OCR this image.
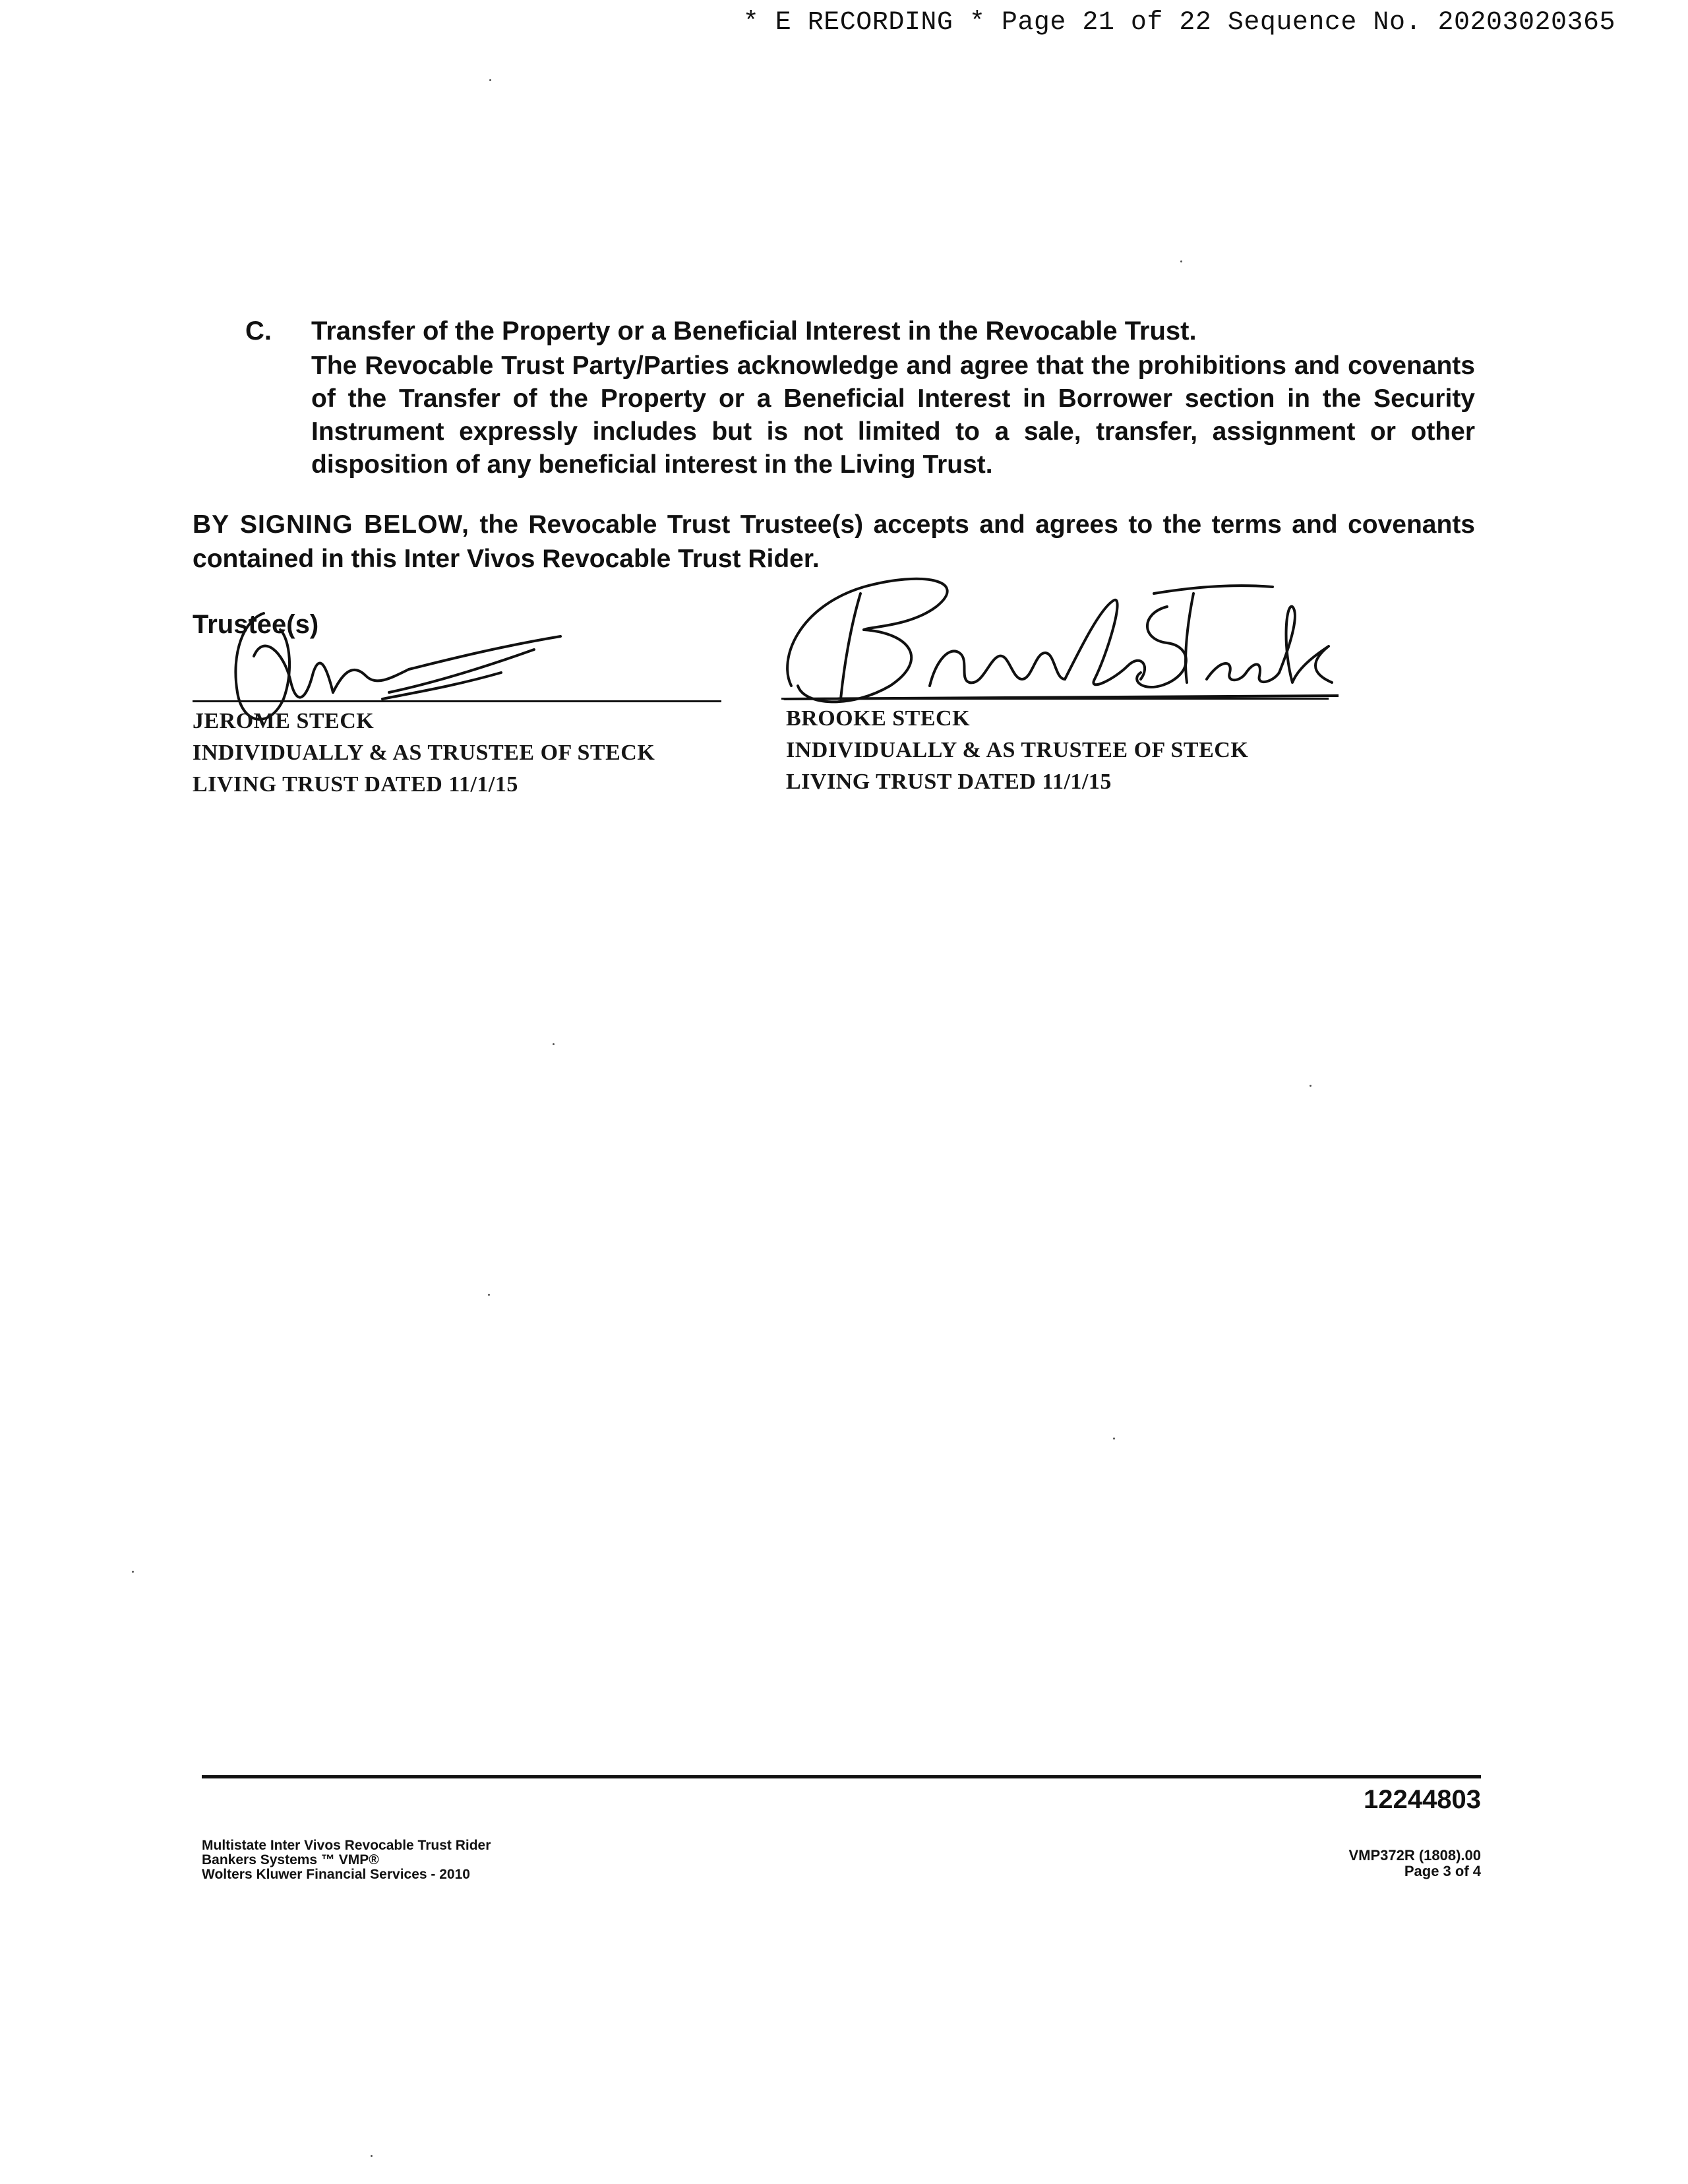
* E RECORDING * Page 21 of 22 Sequence No. 20203020365
C. Transfer of the Property or a Beneficial Interest in the Revocable Trust.

The Revocable Trust Party/Parties acknowledge and agree that the prohibitions and covenants of the Transfer of the Property or a Beneficial Interest in Borrower section in the Security Instrument expressly includes but is not limited to a sale, transfer, assignment or other disposition of any beneficial interest in the Living Trust.

BY SIGNING BELOW, the Revocable Trust Trustee(s) accepts and agrees to the terms and covenants contained in this Inter Vivos Revocable Trust Rider.

Trustee(s)
JEROME STECK
INDIVIDUALLY & AS TRUSTEE OF STECK
LIVING TRUST DATED 11/1/15
BROOKE STECK
INDIVIDUALLY & AS TRUSTEE OF STECK
LIVING TRUST DATED 11/1/15
12244803
Multistate Inter Vivos Revocable Trust Rider
Bankers Systems ™ VMP®
Wolters Kluwer Financial Services - 2010
VMP372R (1808).00
Page 3 of 4
